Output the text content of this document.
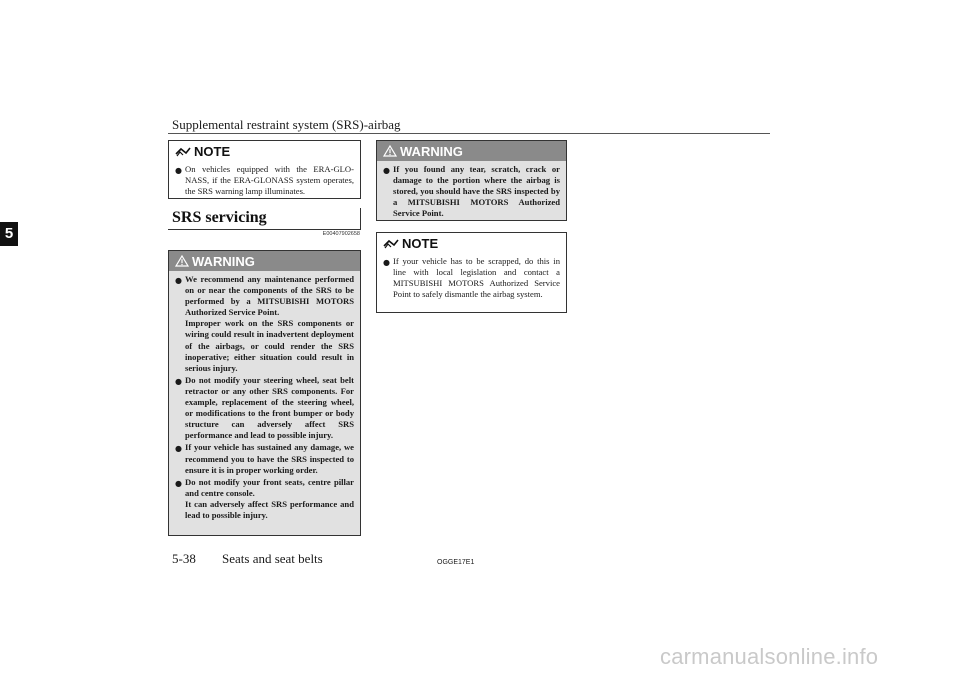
Supplemental restraint system (SRS)-airbag
5
NOTE
● On vehicles equipped with the ERA-GLO-NASS, if the ERA-GLONASS system operates, the SRS warning lamp illuminates.
SRS servicing
E00407902658
WARNING
● We recommend any maintenance performed on or near the components of the SRS to be performed by a MITSUBISHI MOTORS Authorized Service Point.
Improper work on the SRS components or wiring could result in inadvertent deployment of the airbags, or could render the SRS inoperative; either situation could result in serious injury.
● Do not modify your steering wheel, seat belt retractor or any other SRS components. For example, replacement of the steering wheel, or modifications to the front bumper or body structure can adversely affect SRS performance and lead to possible injury.
● If your vehicle has sustained any damage, we recommend you to have the SRS inspected to ensure it is in proper working order.
● Do not modify your front seats, centre pillar and centre console.
It can adversely affect SRS performance and lead to possible injury.
WARNING
● If you found any tear, scratch, crack or damage to the portion where the airbag is stored, you should have the SRS inspected by a MITSUBISHI MOTORS Authorized Service Point.
NOTE
● If your vehicle has to be scrapped, do this in line with local legislation and contact a MITSUBISHI MOTORS Authorized Service Point to safely dismantle the airbag system.
5-38 Seats and seat belts	OGGE17E1
carmanualsonline.info
